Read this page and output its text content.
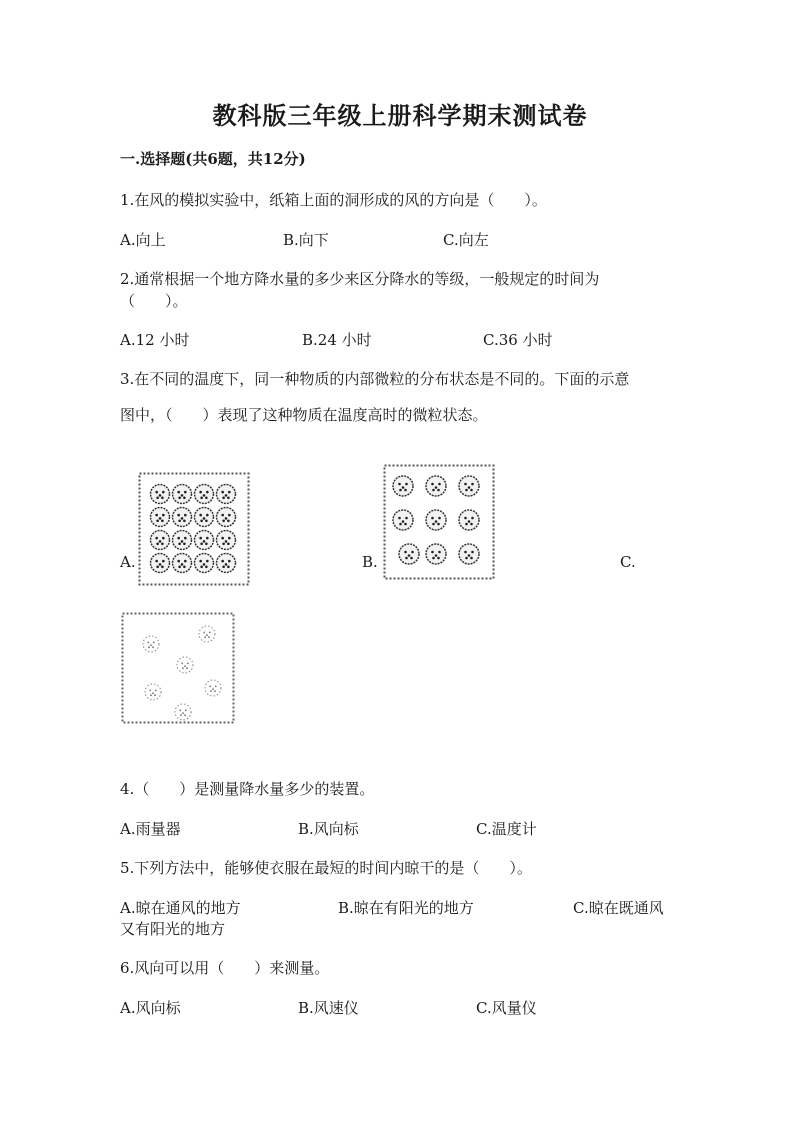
教科版三年级上册科学期末测试卷
一.选择题(共6题，共12分)
1.在风的模拟实验中，纸箱上面的洞形成的风的方向是（　　）。
A.向上	B.向下	C.向左
2.通常根据一个地方降水量的多少来区分降水的等级，一般规定的时间为
（　　）。
A.12 小时	B.24 小时	C.36 小时
3.在不同的温度下，同一种物质的内部微粒的分布状态是不同的。下面的示意
图中，（　　）表现了这种物质在温度高时的微粒状态。
A.	B.	C.
4.（　　）是测量降水量多少的装置。
A.雨量器	B.风向标	C.温度计
5.下列方法中，能够使衣服在最短的时间内晾干的是（　　）。
A.晾在通风的地方	B.晾在有阳光的地方	C.晾在既通风
又有阳光的地方
6.风向可以用（　　）来测量。
A.风向标	B.风速仪	C.风量仪
